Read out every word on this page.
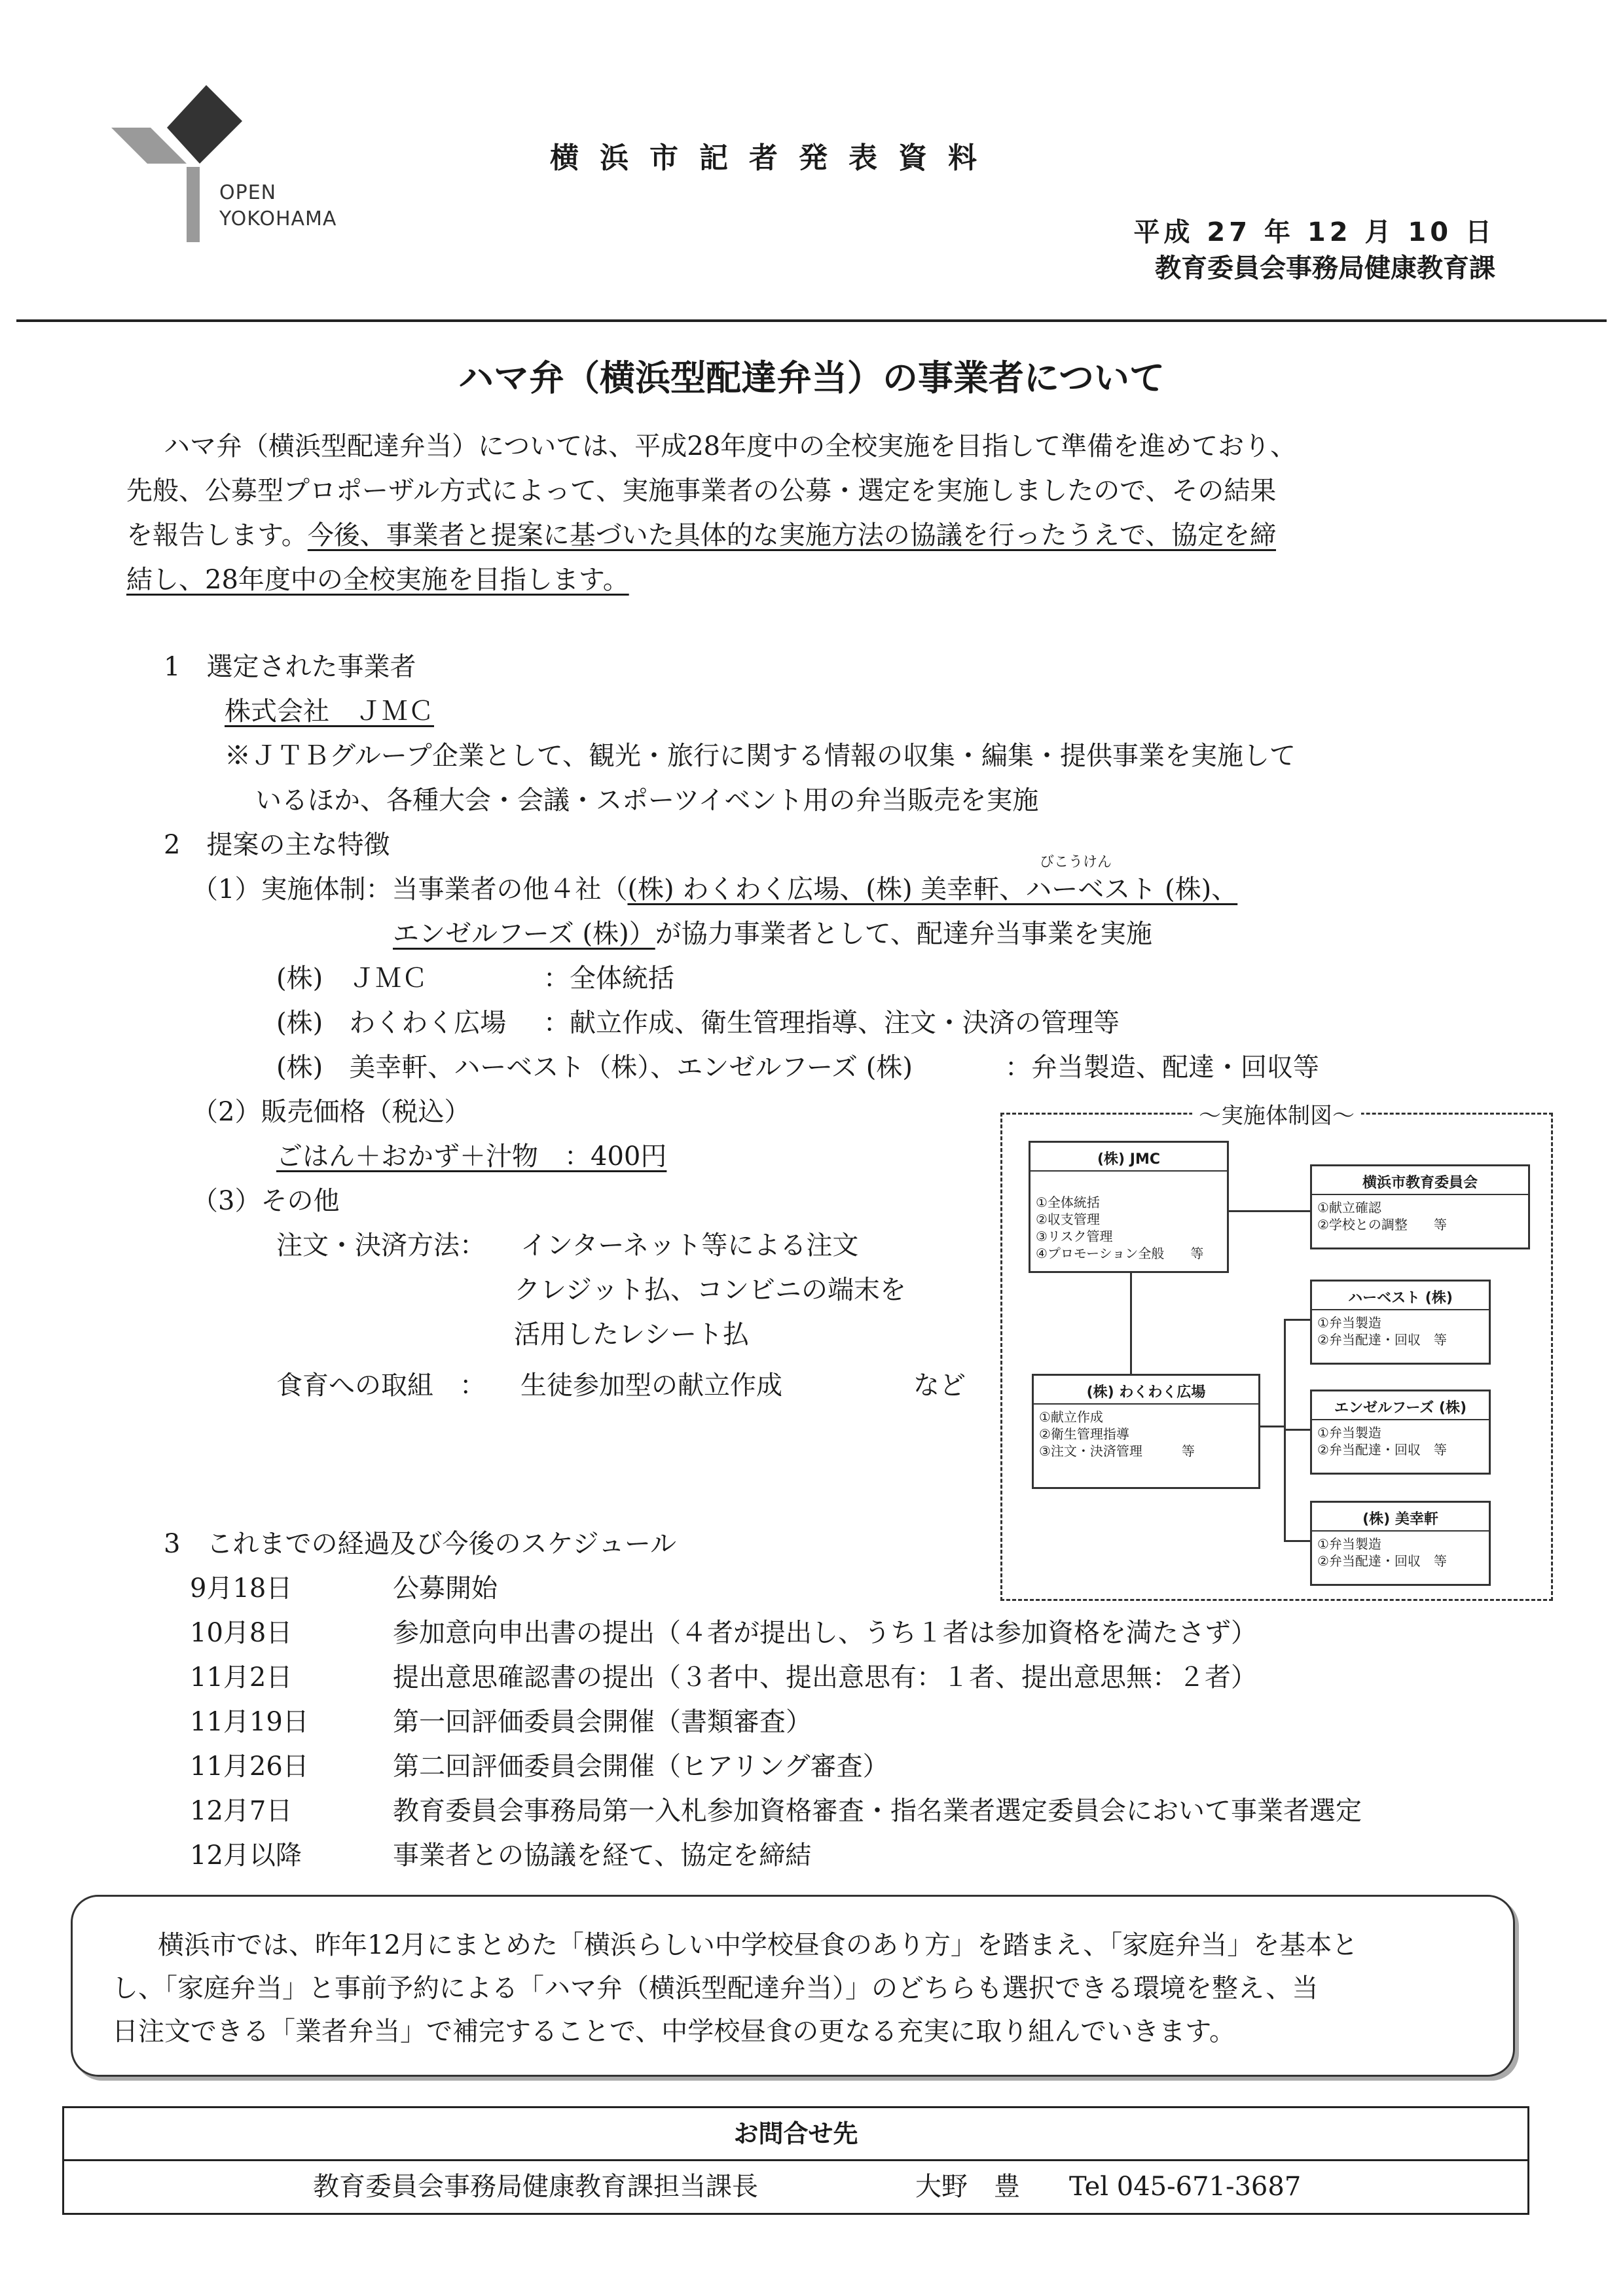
OPEN
YOKOHAMA
横浜市記者発表資料
平成 27 年 12 月 10 日
教育委員会事務局健康教育課
ハマ弁（横浜型配達弁当）の事業者について
ハマ弁（横浜型配達弁当）については、平成28年度中の全校実施を目指して準備を進めており、
先般、公募型プロポーザル方式によって、実施事業者の公募・選定を実施しましたので、その結果
を報告します。今後、事業者と提案に基づいた具体的な実施方法の協議を行ったうえで、協定を締
結し、28年度中の全校実施を目指します。
1　選定された事業者
株式会社　ＪＭＣ
※ＪＴＢグループ企業として、観光・旅行に関する情報の収集・編集・提供事業を実施して
いるほか、各種大会・会議・スポーツイベント用の弁当販売を実施
2　提案の主な特徴
びこうけん
（1）実施体制：当事業者の他４社（(株) わくわく広場、(株) 美幸軒、ハーベスト (株)、
エンゼルフーズ (株)）が協力事業者として、配達弁当事業を実施
(株)　ＪＭＣ	：全体統括
(株)　わくわく広場 ：献立作成、衛生管理指導、注文・決済の管理等
(株)　美幸軒、ハーベスト（株）、エンゼルフーズ (株)	：弁当製造、配達・回収等
（2）販売価格（税込）
ごはん＋おかず＋汁物　：400円
（3）その他
注文・決済方法： インターネット等による注文
クレジット払、コンビニの端末を
活用したレシート払
食育への取組　： 生徒参加型の献立作成	など
～実施体制図～
(株) JMC
①全体統括
②収支管理
③リスク管理
④プロモーション全般　　等
横浜市教育委員会
①献立確認
②学校との調整　　等
ハーベスト (株)
①弁当製造
②弁当配達・回収　等
エンゼルフーズ (株)
①弁当製造
②弁当配達・回収　等
(株) わくわく広場
①献立作成
②衛生管理指導
③注文・決済管理　　　等
(株) 美幸軒
①弁当製造
②弁当配達・回収　等
3　これまでの経過及び今後のスケジュール
9月18日	公募開始
10月8日	参加意向申出書の提出（４者が提出し、うち１者は参加資格を満たさず）
11月2日	提出意思確認書の提出（３者中、提出意思有：１者、提出意思無：２者）
11月19日	第一回評価委員会開催（書類審査）
11月26日	第二回評価委員会開催（ヒアリング審査）
12月7日	教育委員会事務局第一入札参加資格審査・指名業者選定委員会において事業者選定
12月以降	事業者との協議を経て、協定を締結
横浜市では、昨年12月にまとめた「横浜らしい中学校昼食のあり方」を踏まえ、「家庭弁当」を基本と
し、「家庭弁当」と事前予約による「ハマ弁（横浜型配達弁当）」のどちらも選択できる環境を整え、当
日注文できる「業者弁当」で補完することで、中学校昼食の更なる充実に取り組んでいきます。
お問合せ先
教育委員会事務局健康教育課担当課長	大野　豊 Tel 045-671-3687
